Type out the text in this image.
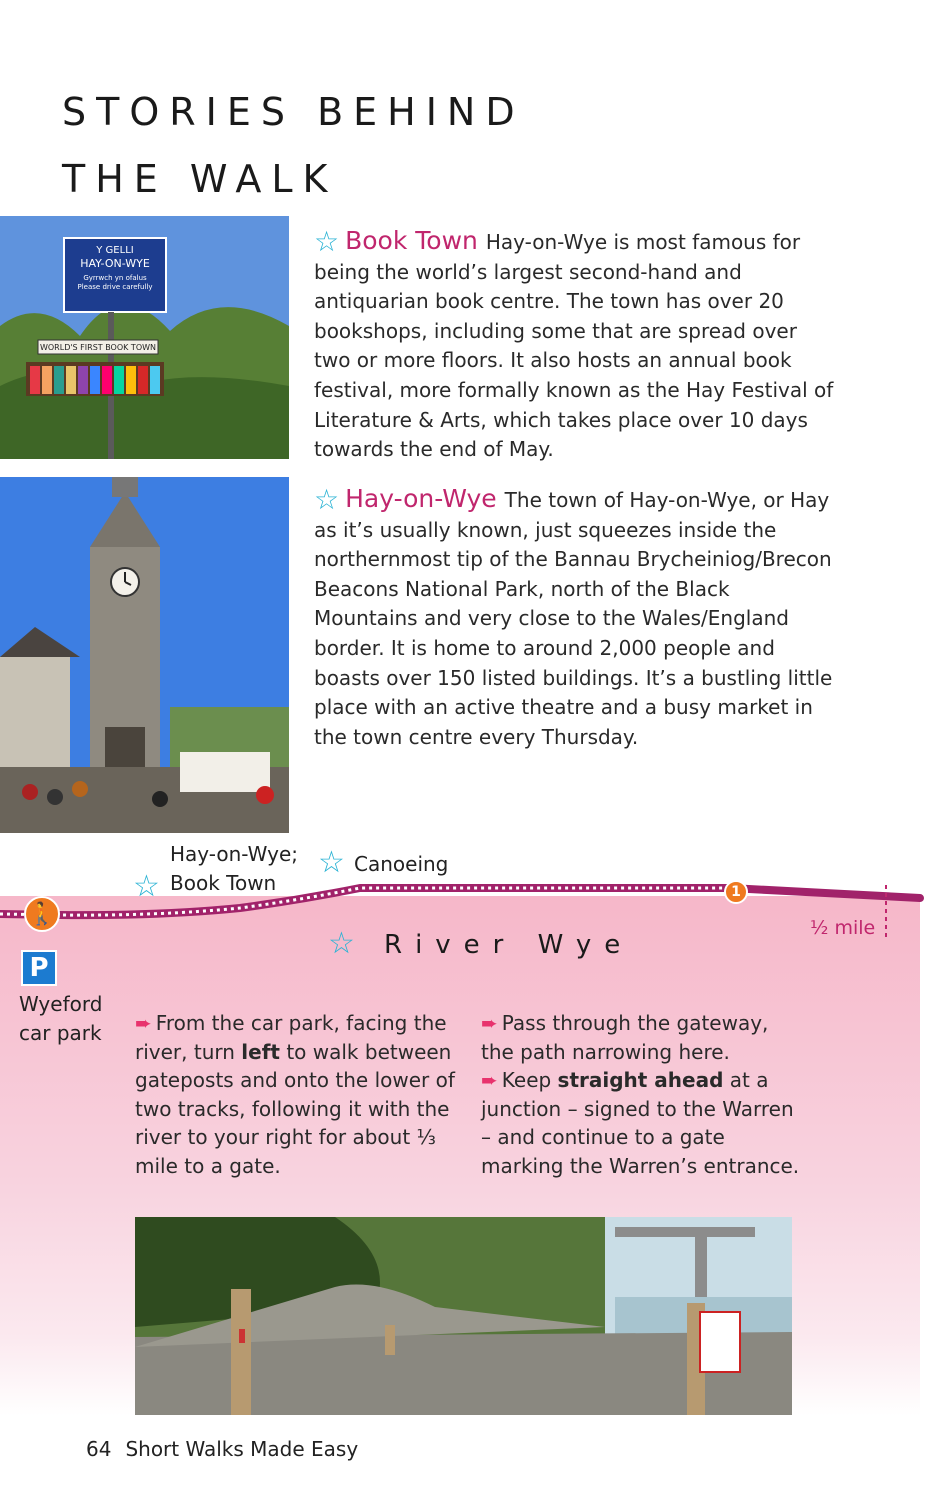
STORIES BEHIND
THE WALK
Y GELLI
HAY-ON-WYE
Gyrrwch yn ofalus
Please drive carefully
WORLD'S FIRST BOOK TOWN
☆ Book Town Hay-on-Wye is most famous for being the world’s largest second-hand and antiquarian book centre. The town has over 20 bookshops, including some that are spread over two or more floors. It also hosts an annual book festival, more formally known as the Hay Festival of Literature & Arts, which takes place over 10 days towards the end of May.
☆ Hay-on-Wye The town of Hay-on-Wye, or Hay as it’s usually known, just squeezes inside the northernmost tip of the Bannau Brycheiniog/Brecon Beacons National Park, north of the Black Mountains and very close to the Wales/England border. It is home to around 2,000 people and boasts over 150 listed buildings. It’s a bustling little place with an active theatre and a busy market in the town centre every Thursday.
🚶
P
1
Hay-on-Wye;
Book Town
☆
☆ Canoeing
☆ River Wye
½ mile
Wyeford
car park ➨ From the car park, facing the river, turn left to walk between gateposts and onto the lower of two tracks, following it with the river to your right for about ⅓ mile to a gate.
➨ Pass through the gateway, the path narrowing here.
➨ Keep straight ahead at a junction – signed to the Warren – and continue to a gate marking the Warren’s entrance.
64 Short Walks Made Easy
